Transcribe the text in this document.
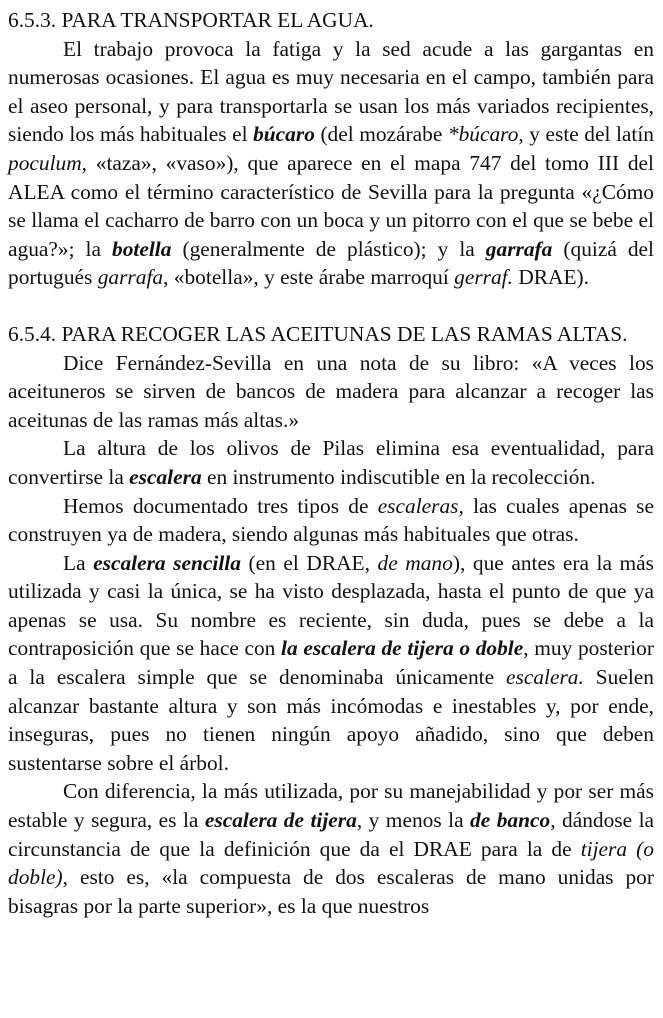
6.5.3. PARA TRANSPORTAR EL AGUA.
El trabajo provoca la fatiga y la sed acude a las gargantas en numerosas ocasiones. El agua es muy necesaria en el campo, también para el aseo personal, y para transportarla se usan los más variados recipientes, siendo los más habituales el búcaro (del mozárabe *búcaro, y este del latín poculum, «taza», «vaso»), que aparece en el mapa 747 del tomo III del ALEA como el término característico de Sevilla para la pregunta «¿Cómo se llama el cacharro de barro con un boca y un pitorro con el que se bebe el agua?»; la botella (generalmente de plástico); y la garrafa (quizá del portugués garrafa, «botella», y este árabe marroquí gerraf. DRAE).
6.5.4. PARA RECOGER LAS ACEITUNAS DE LAS RAMAS ALTAS.
Dice Fernández-Sevilla en una nota de su libro: «A veces los aceituneros se sirven de bancos de madera para alcanzar a recoger las aceitunas de las ramas más altas.»
La altura de los olivos de Pilas elimina esa eventualidad, para convertirse la escalera en instrumento indiscutible en la recolección.
Hemos documentado tres tipos de escaleras, las cuales apenas se construyen ya de madera, siendo algunas más habituales que otras.
La escalera sencilla (en el DRAE, de mano), que antes era la más utilizada y casi la única, se ha visto desplazada, hasta el punto de que ya apenas se usa. Su nombre es reciente, sin duda, pues se debe a la contraposición que se hace con la escalera de tijera o doble, muy posterior a la escalera simple que se denominaba únicamente escalera. Suelen alcanzar bastante altura y son más incómodas e inestables y, por ende, inseguras, pues no tienen ningún apoyo añadido, sino que deben sustentarse sobre el árbol.
Con diferencia, la más utilizada, por su manejabilidad y por ser más estable y segura, es la escalera de tijera, y menos la de banco, dándose la circunstancia de que la definición que da el DRAE para la de tijera (o doble), esto es, «la compuesta de dos escaleras de mano unidas por bisagras por la parte superior», es la que nuestros
